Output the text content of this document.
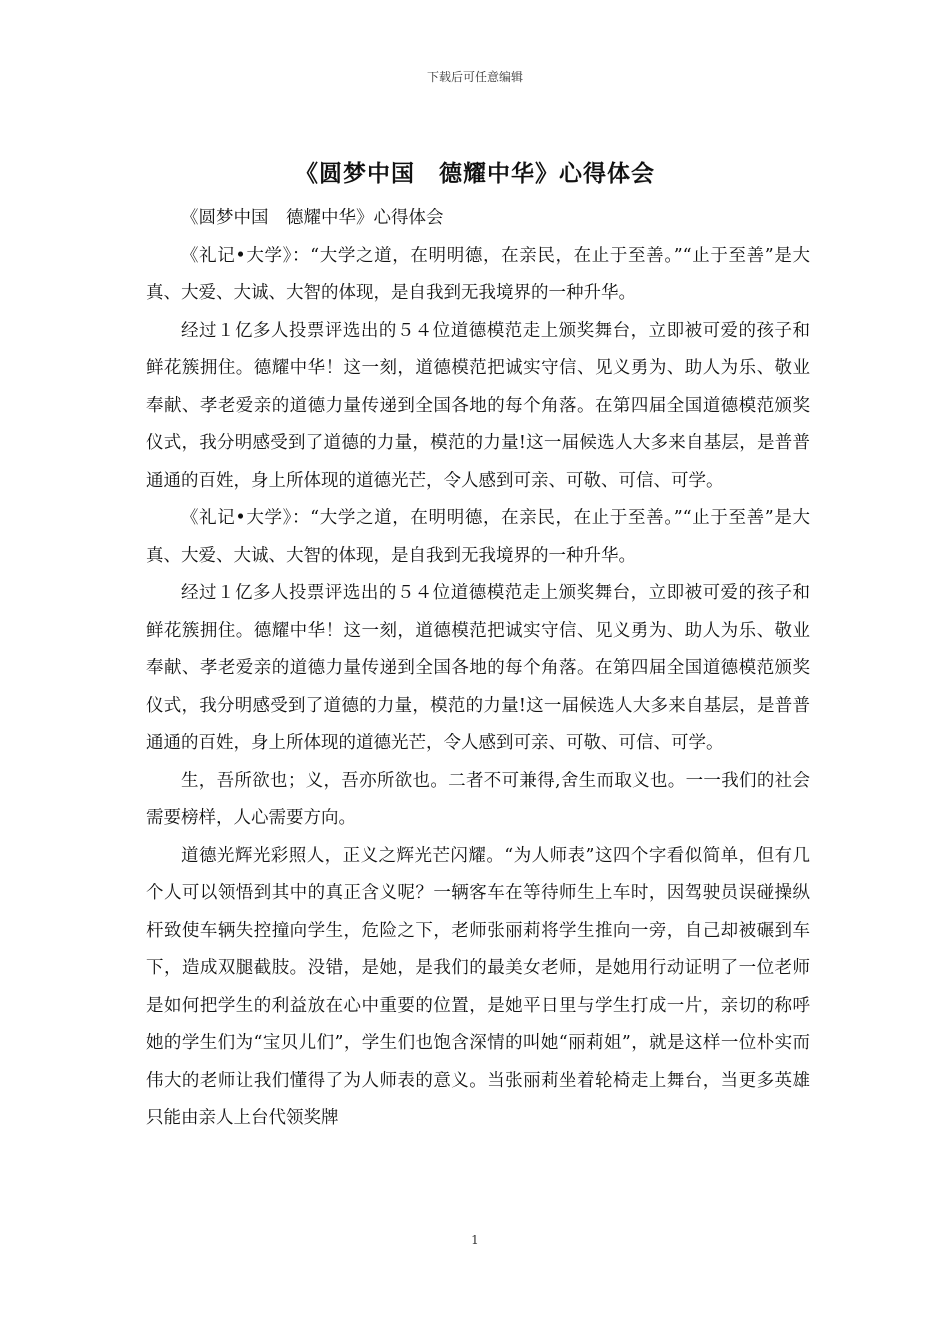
下载后可任意编辑
《圆梦中国　德耀中华》心得体会

《圆梦中国　德耀中华》心得体会

《礼记•大学》：“大学之道，在明明德，在亲民，在止于至善。”“止于至善”是大真、大爱、大诚、大智的体现，是自我到无我境界的一种升华。

经过１亿多人投票评选出的５４位道德模范走上颁奖舞台，立即被可爱的孩子和鲜花簇拥住。德耀中华！这一刻，道德模范把诚实守信、见义勇为、助人为乐、敬业奉献、孝老爱亲的道德力量传递到全国各地的每个角落。在第四届全国道德模范颁奖仪式，我分明感受到了道德的力量，模范的力量!这一届候选人大多来自基层，是普普通通的百姓，身上所体现的道德光芒，令人感到可亲、可敬、可信、可学。

《礼记•大学》：“大学之道，在明明德，在亲民，在止于至善。”“止于至善”是大真、大爱、大诚、大智的体现，是自我到无我境界的一种升华。

经过１亿多人投票评选出的５４位道德模范走上颁奖舞台，立即被可爱的孩子和鲜花簇拥住。德耀中华！这一刻，道德模范把诚实守信、见义勇为、助人为乐、敬业奉献、孝老爱亲的道德力量传递到全国各地的每个角落。在第四届全国道德模范颁奖仪式，我分明感受到了道德的力量，模范的力量!这一届候选人大多来自基层，是普普通通的百姓，身上所体现的道德光芒，令人感到可亲、可敬、可信、可学。

生，吾所欲也；义，吾亦所欲也。二者不可兼得,舍生而取义也。一一我们的社会需要榜样，人心需要方向。

道德光辉光彩照人，正义之辉光芒闪耀。“为人师表”这四个字看似简单，但有几个人可以领悟到其中的真正含义呢？一辆客车在等待师生上车时，因驾驶员误碰操纵杆致使车辆失控撞向学生，危险之下，老师张丽莉将学生推向一旁，自己却被碾到车下，造成双腿截肢。没错，是她，是我们的最美女老师，是她用行动证明了一位老师是如何把学生的利益放在心中重要的位置，是她平日里与学生打成一片，亲切的称呼她的学生们为“宝贝儿们”，学生们也饱含深情的叫她“丽莉姐”，就是这样一位朴实而伟大的老师让我们懂得了为人师表的意义。当张丽莉坐着轮椅走上舞台，当更多英雄只能由亲人上台代领奖牌

1
